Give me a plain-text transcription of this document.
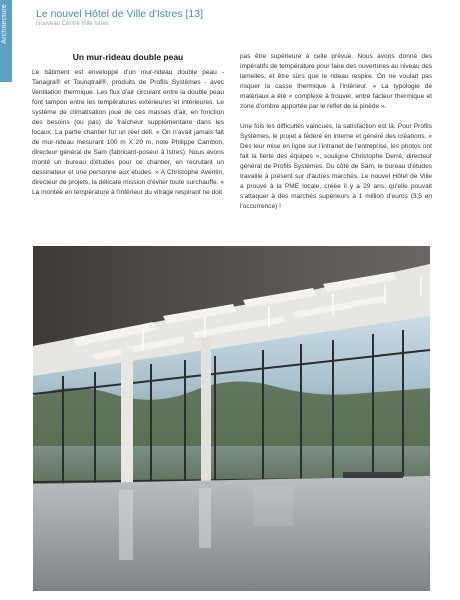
Architecture	Le nouvel Hôtel de Ville d'Istres [13]
Nouveau Centre Ville Istres
Un mur-rideau double peau

Le bâtiment est enveloppé d'un mur-rideau double peau - Tanagra® et Tounqtrail®, produits de Profils Systèmes - avec ventilation thermique. Les flux d'air circulant entre la double peau font tampon entre les températures extérieures et intérieures. Le système de climatisation joue de ces masses d'air, en fonction des besoins (ou pas) de fraîcheur supplémentaire dans les locaux. La partie chantier fut un réel défi. « On n'avait jamais fait de mur-rideau mesurant 100 m X 20 m, note Philippe Cambon, directeur général de Sam (fabricant-poseur à Istres). Nous avons monté un bureau d'études pour ce chantier, en recrutant un dessinateur et une personne aux études. » A Christophe Aventin, directeur de projets, la délicate mission d'éviter toute surchauffe. « La montée en température à l'intérieur du vitrage respirant ne doit

pas être supérieure à celle prévue. Nous avons donné des impératifs de température pour faire des ouvertures au niveau des lamelles, et être sûrs que le rideau respire. On ne voulait pas risquer la casse thermique à l'intérieur. » La typologie de matériaux a été « complexe à trouver, entre facteur thermique et zone d'ombre apportée par le reflet de la pinède ».

Une fois les difficultés vaincues, la satisfaction est là. Pour Profils Systèmes, le projet a fédéré en interne et généré des créations. « Dès leur mise en ligne sur l'intranet de l'entreprise, les photos ont fait la fierté des équipes », souligne Christophe Derré, directeur général de Profils Systèmes. Du côté de Sam, le bureau d'études travaille à présent sur d'autres marchés. Le nouvel Hôtel de Ville a prouvé à la PME locale, créée il y a 29 ans, qu'elle pouvait s'attaquer à des marchés supérieurs à 1 million d'euros (3,5 en l'occurrence) !
